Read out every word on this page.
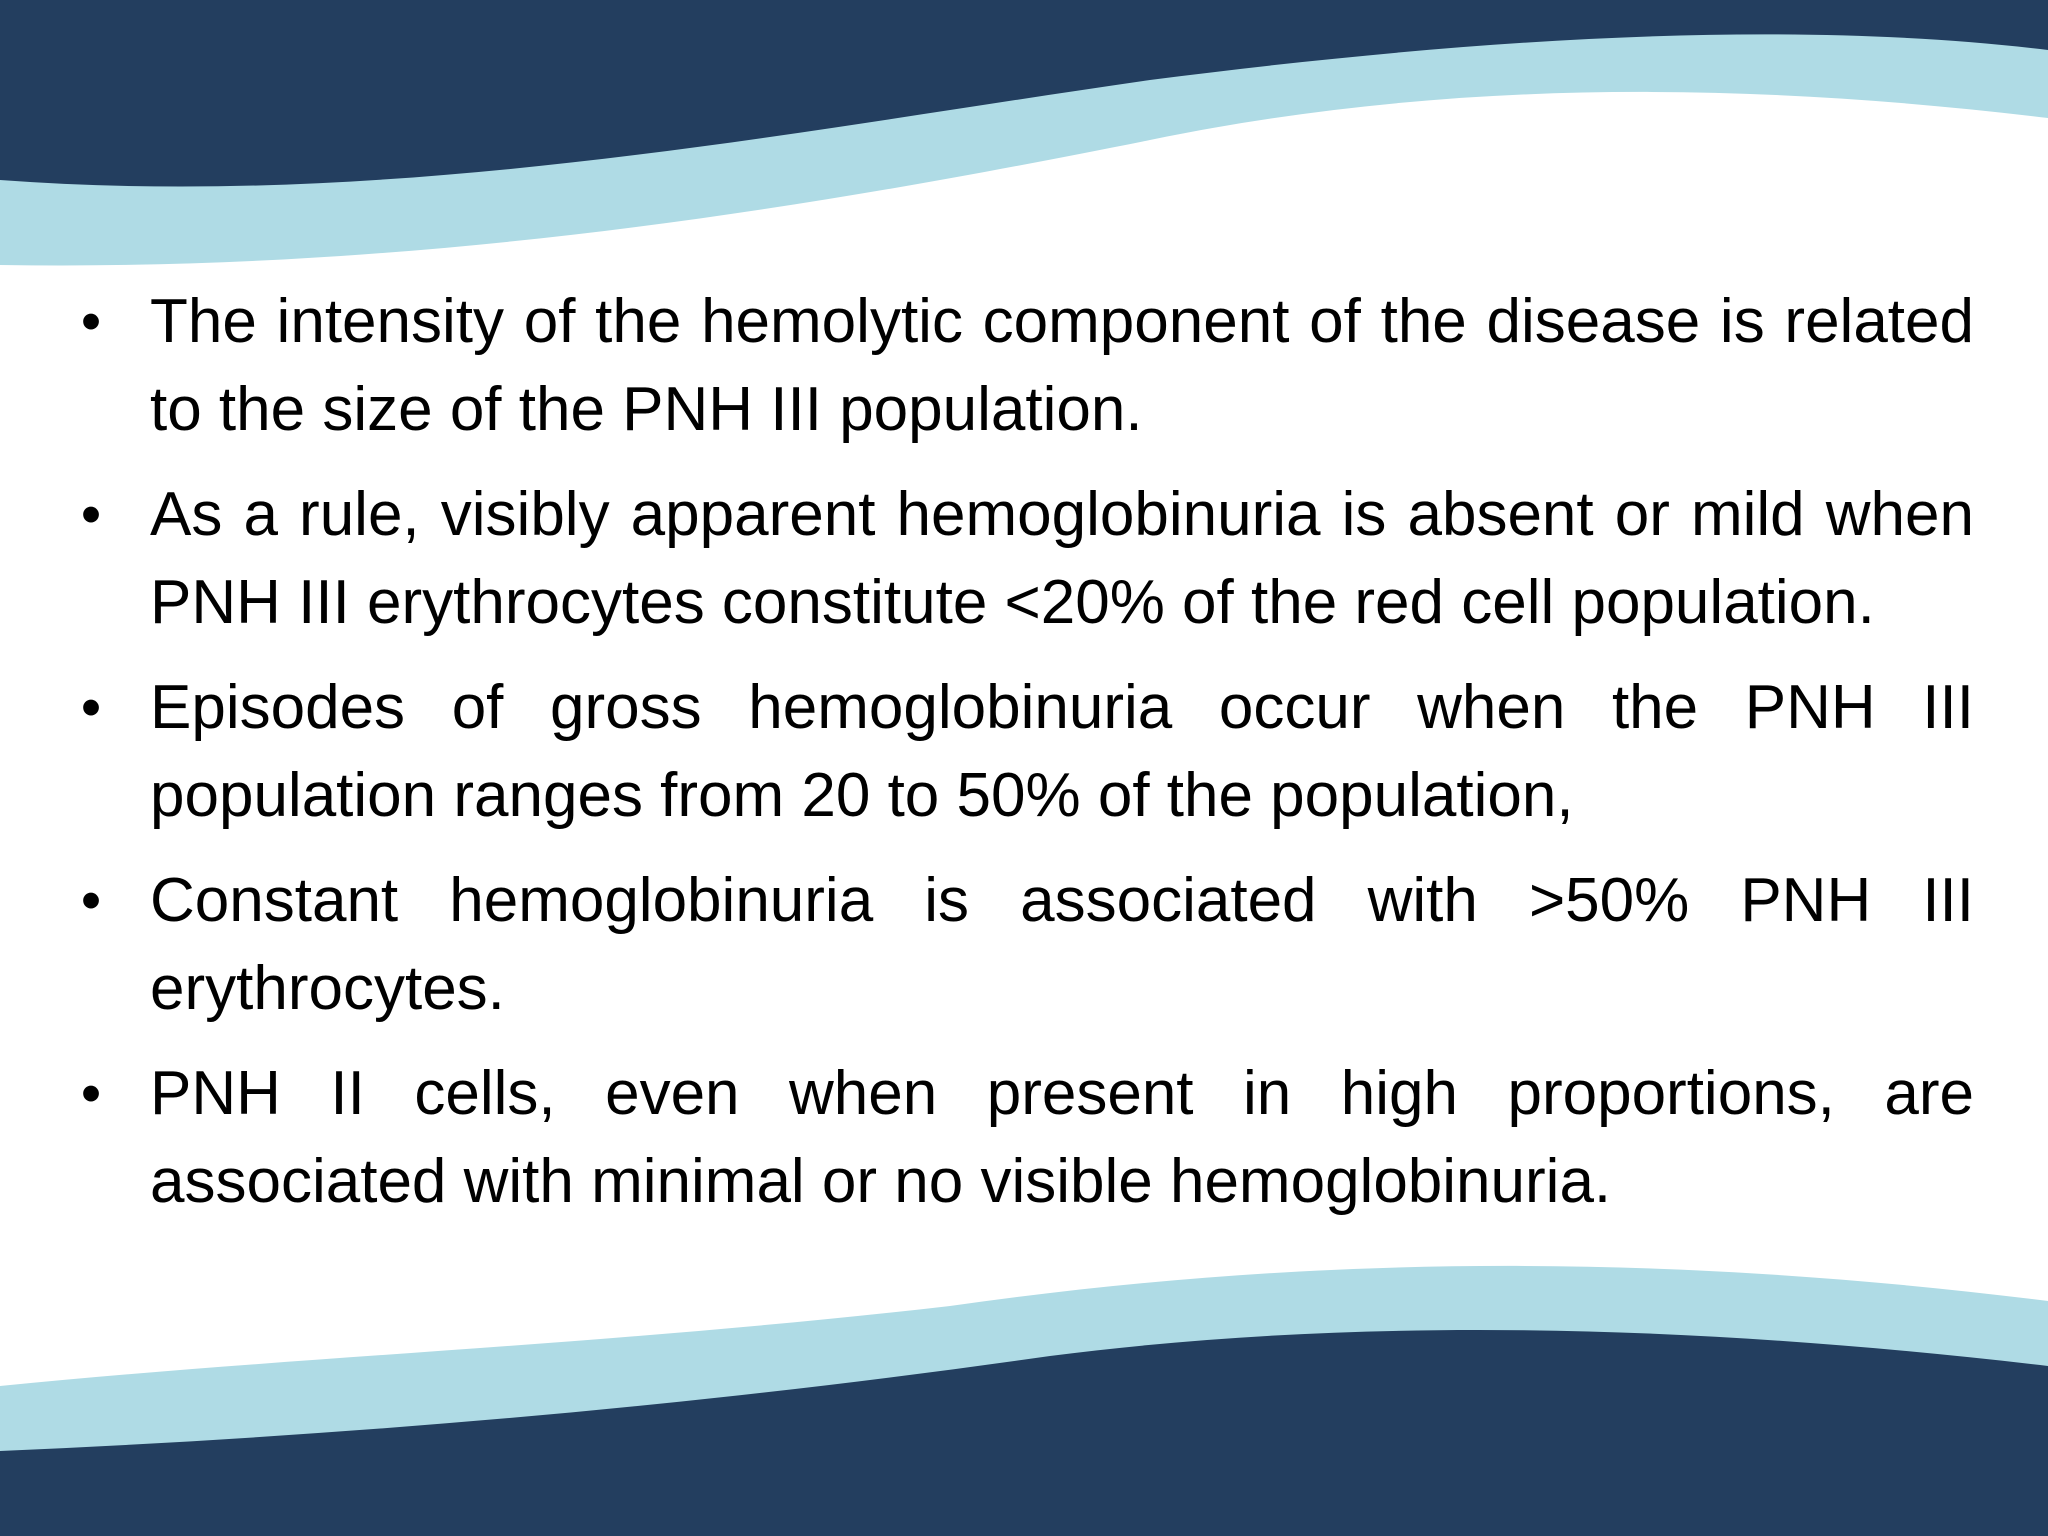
• The intensity of the hemolytic component of the disease is related to the size of the PNH III population.
• As a rule, visibly apparent hemoglobinuria is absent or mild when PNH III erythrocytes constitute <20% of the red cell population.
• Episodes of gross hemoglobinuria occur when the PNH III population ranges from 20 to 50% of the population,
• Constant hemoglobinuria is associated with >50% PNH III erythrocytes.
• PNH II cells, even when present in high proportions, are associated with minimal or no visible hemoglobinuria.
